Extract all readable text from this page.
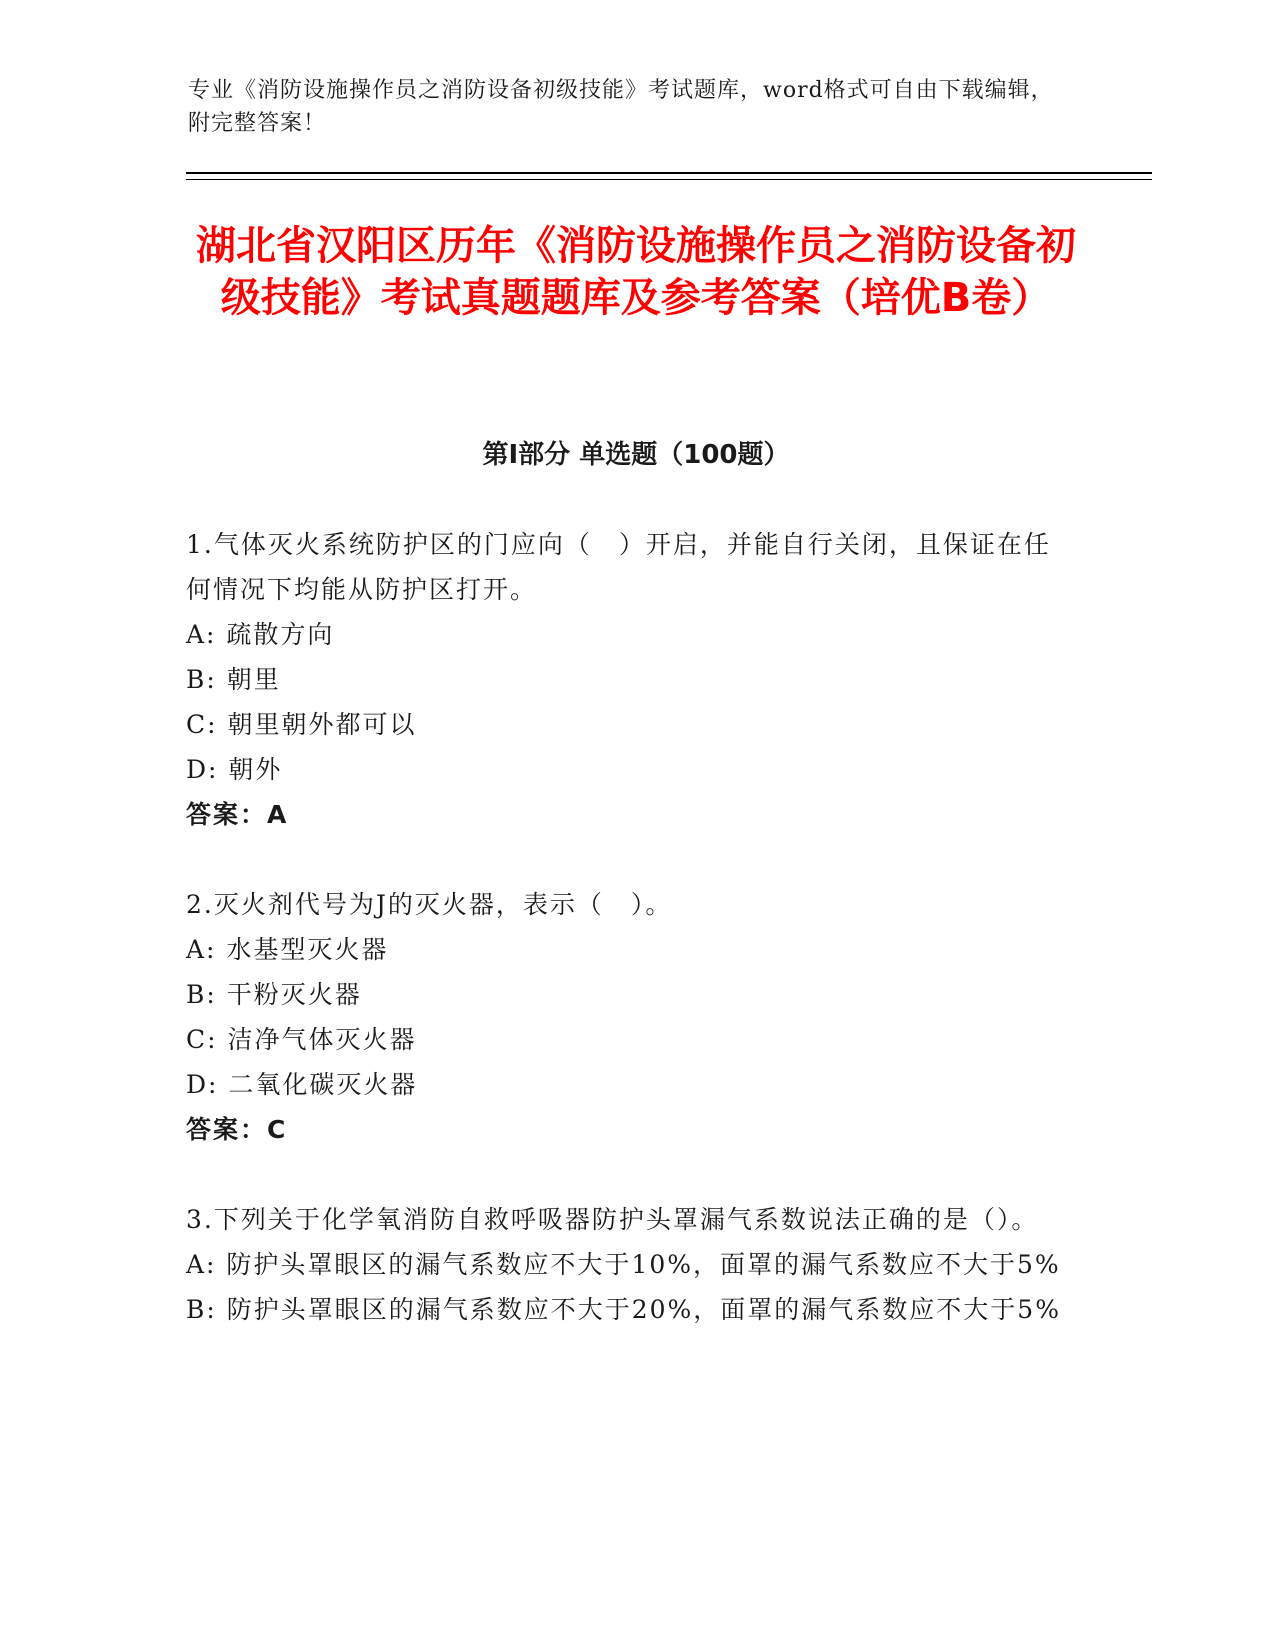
专业《消防设施操作员之消防设备初级技能》考试题库，word格式可自由下载编辑，附完整答案！
湖北省汉阳区历年《消防设施操作员之消防设备初级技能》考试真题题库及参考答案（培优B卷）
第I部分 单选题（100题）

1.气体灭火系统防护区的门应向（　）开启，并能自行关闭，且保证在任何情况下均能从防护区打开。

A: 疏散方向

B: 朝里

C: 朝里朝外都可以

D: 朝外

答案：A

2.灭火剂代号为J的灭火器，表示（　）。

A: 水基型灭火器

B: 干粉灭火器

C: 洁净气体灭火器

D: 二氧化碳灭火器

答案：C

3.下列关于化学氧消防自救呼吸器防护头罩漏气系数说法正确的是（）。

A: 防护头罩眼区的漏气系数应不大于10%，面罩的漏气系数应不大于5%

B: 防护头罩眼区的漏气系数应不大于20%，面罩的漏气系数应不大于5%
